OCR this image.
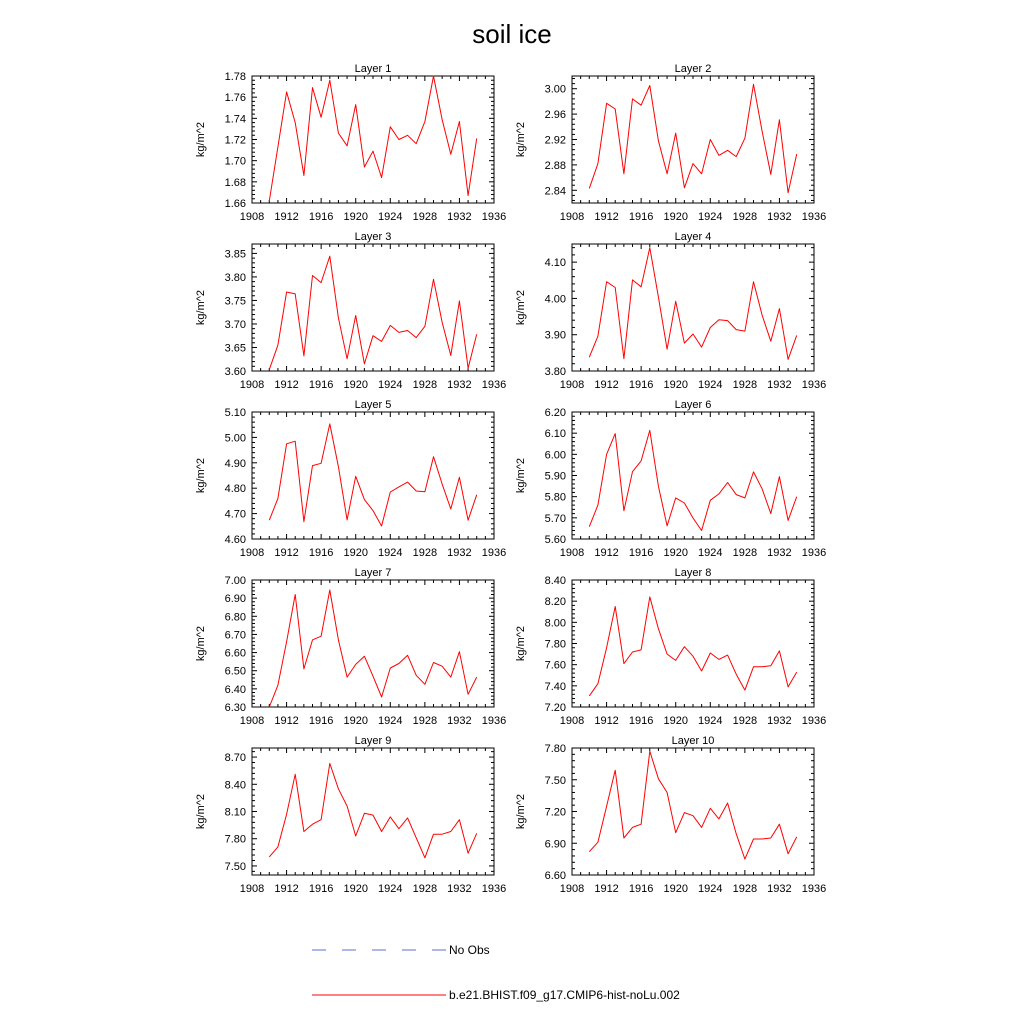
soil ice
Layer 1
1908 1912 1916 1920 1924 1928 1932 1936
1.66
1.68
1.70
1.72
1.74
1.76
1.78
kg/m^2
Layer 2
1908 1912 1916 1920 1924 1928 1932 1936
2.84
2.88
2.92
2.96
3.00
kg/m^2
Layer 3
1908 1912 1916 1920 1924 1928 1932 1936
3.60
3.65
3.70
3.75
3.80
3.85
kg/m^2
Layer 4
1908 1912 1916 1920 1924 1928 1932 1936
3.80
3.90
4.00
4.10
kg/m^2
Layer 5
1908 1912 1916 1920 1924 1928 1932 1936
4.60
4.70
4.80
4.90
5.00
5.10
kg/m^2
Layer 6
1908 1912 1916 1920 1924 1928 1932 1936
5.60
5.70
5.80
5.90
6.00
6.10
6.20
kg/m^2
Layer 7
1908 1912 1916 1920 1924 1928 1932 1936
6.30
6.40
6.50
6.60
6.70
6.80
6.90
7.00
kg/m^2
Layer 8
1908 1912 1916 1920 1924 1928 1932 1936
7.20
7.40
7.60
7.80
8.00
8.20
8.40
kg/m^2
Layer 9
1908 1912 1916 1920 1924 1928 1932 1936
7.50
7.80
8.10
8.40
8.70
kg/m^2
Layer 10
1908 1912 1916 1920 1924 1928 1932 1936
6.60
6.90
7.20
7.50
7.80
kg/m^2
No Obs
b.e21.BHIST.f09_g17.CMIP6-hist-noLu.002
